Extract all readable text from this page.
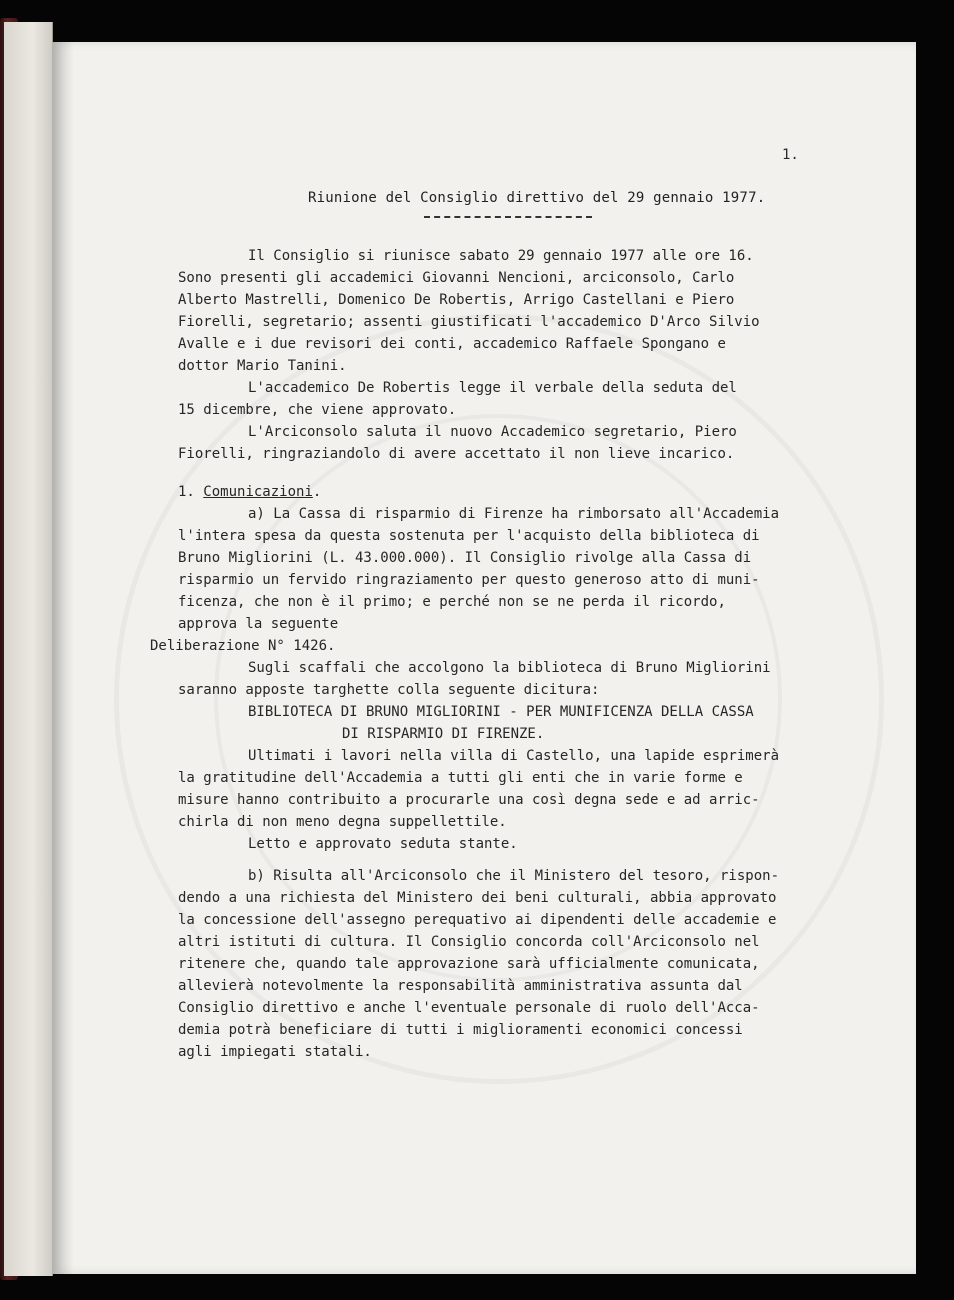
1.
Riunione del Consiglio direttivo del 29 gennaio 1977.
Il Consiglio si riunisce sabato 29 gennaio 1977 alle ore 16.
Sono presenti gli accademici Giovanni Nencioni, arciconsolo, Carlo
Alberto Mastrelli, Domenico De Robertis, Arrigo Castellani e Piero
Fiorelli, segretario; assenti giustificati l'accademico D'Arco Silvio
Avalle e i due revisori dei conti, accademico Raffaele Spongano e
dottor Mario Tanini.
L'accademico De Robertis legge il verbale della seduta del
15 dicembre, che viene approvato.
L'Arciconsolo saluta il nuovo Accademico segretario, Piero
Fiorelli, ringraziandolo di avere accettato il non lieve incarico.
1. Comunicazioni.
a) La Cassa di risparmio di Firenze ha rimborsato all'Accademia
l'intera spesa da questa sostenuta per l'acquisto della biblioteca di
Bruno Migliorini (L. 43.000.000). Il Consiglio rivolge alla Cassa di
risparmio un fervido ringraziamento per questo generoso atto di muni-
ficenza, che non è il primo; e perché non se ne perda il ricordo,
approva la seguente
Deliberazione N° 1426.
Sugli scaffali che accolgono la biblioteca di Bruno Migliorini
saranno apposte targhette colla seguente dicitura:
BIBLIOTECA DI BRUNO MIGLIORINI - PER MUNIFICENZA DELLA CASSA
DI RISPARMIO DI FIRENZE.
Ultimati i lavori nella villa di Castello, una lapide esprimerà
la gratitudine dell'Accademia a tutti gli enti che in varie forme e
misure hanno contribuito a procurarle una così degna sede e ad arric-
chirla di non meno degna suppellettile.
Letto e approvato seduta stante.
b) Risulta all'Arciconsolo che il Ministero del tesoro, rispon-
dendo a una richiesta del Ministero dei beni culturali, abbia approvato
la concessione dell'assegno perequativo ai dipendenti delle accademie e
altri istituti di cultura. Il Consiglio concorda coll'Arciconsolo nel
ritenere che, quando tale approvazione sarà ufficialmente comunicata,
allevierà notevolmente la responsabilità amministrativa assunta dal
Consiglio direttivo e anche l'eventuale personale di ruolo dell'Acca-
demia potrà beneficiare di tutti i miglioramenti economici concessi
agli impiegati statali.
